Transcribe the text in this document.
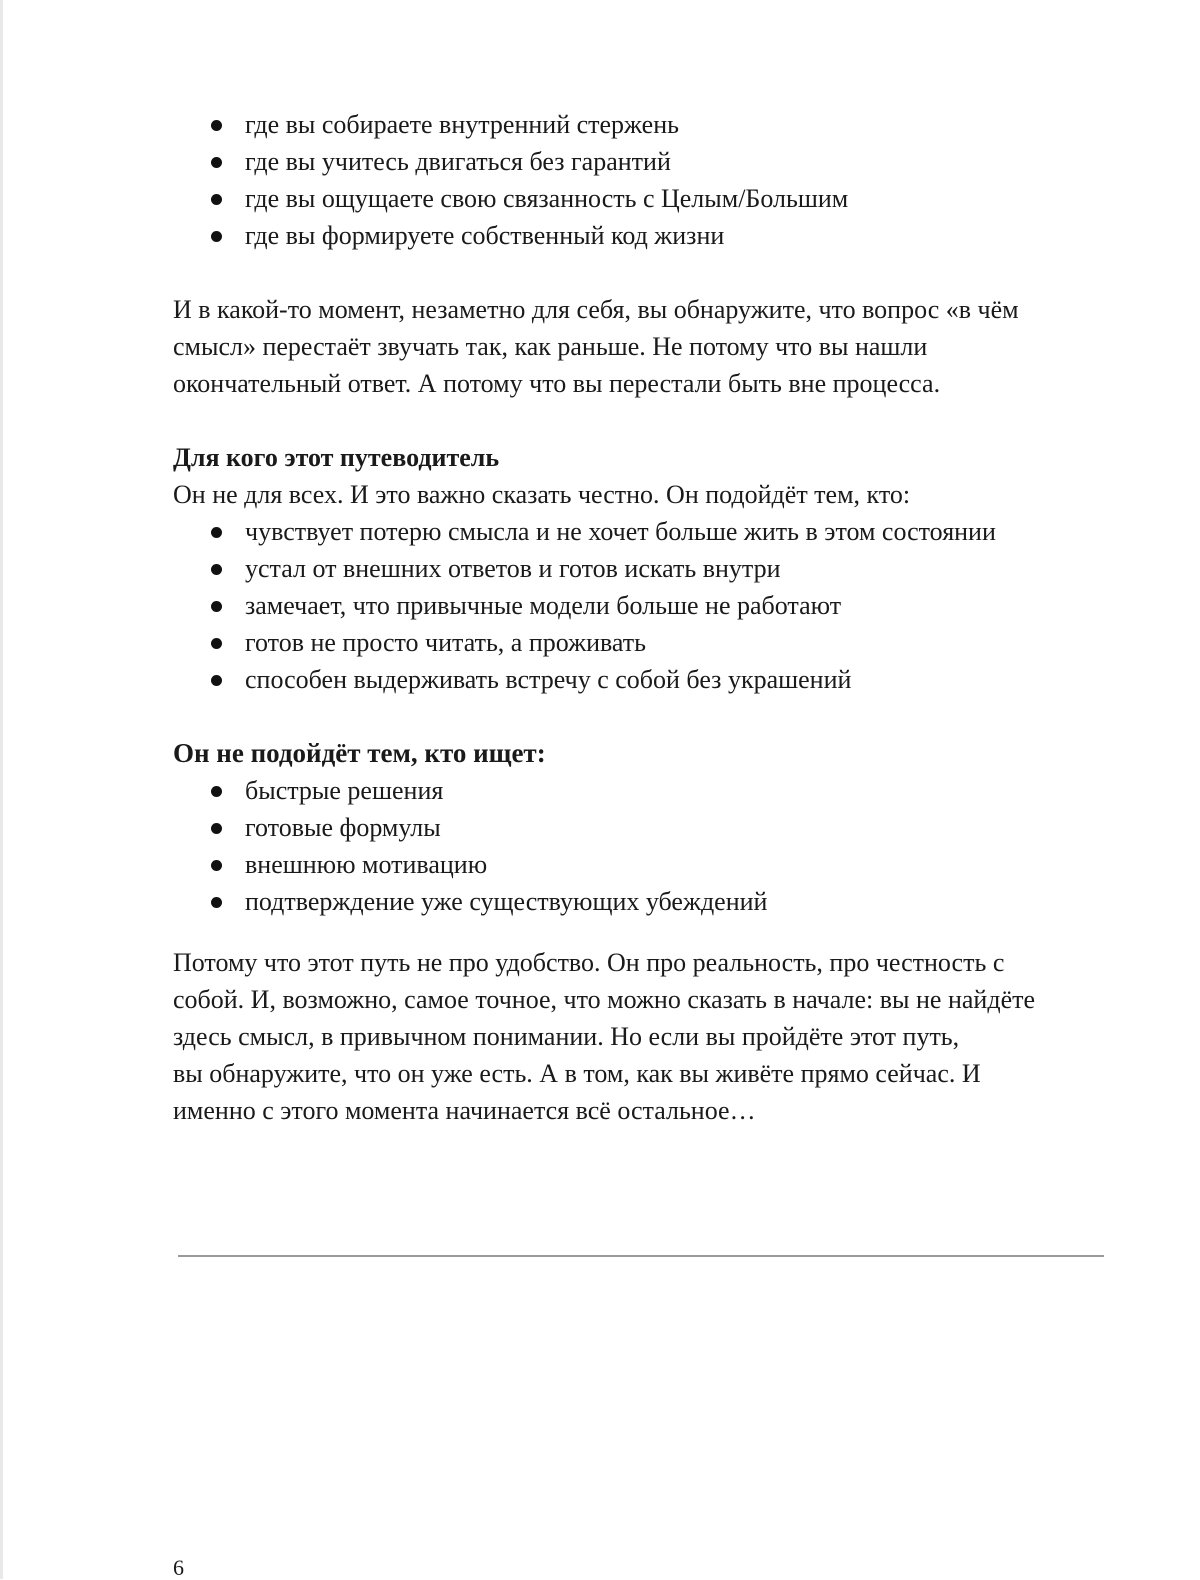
где вы собираете внутренний стержень
где вы учитесь двигаться без гарантий
где вы ощущаете свою связанность с Целым/Большим
где вы формируете собственный код жизни

И в какой-то момент, незаметно для себя, вы обнаружите, что вопрос «в чём
смысл» перестаёт звучать так, как раньше. Не потому что вы нашли
окончательный ответ. А потому что вы перестали быть вне процесса.

Для кого этот путеводитель
Он не для всех. И это важно сказать честно. Он подойдёт тем, кто:
чувствует потерю смысла и не хочет больше жить в этом состоянии
устал от внешних ответов и готов искать внутри
замечает, что привычные модели больше не работают
готов не просто читать, а проживать
способен выдерживать встречу с собой без украшений
Он не подойдёт тем, кто ищет:
быстрые решения
готовые формулы
внешнюю мотивацию
подтверждение уже существующих убеждений

Потому что этот путь не про удобство. Он про реальность, про честность с
собой. И, возможно, самое точное, что можно сказать в начале: вы не найдёте
здесь смысл, в привычном понимании. Но если вы пройдёте этот путь,
вы обнаружите, что он уже есть. А в том, как вы живёте прямо сейчас. И
именно с этого момента начинается всё остальное…

6
